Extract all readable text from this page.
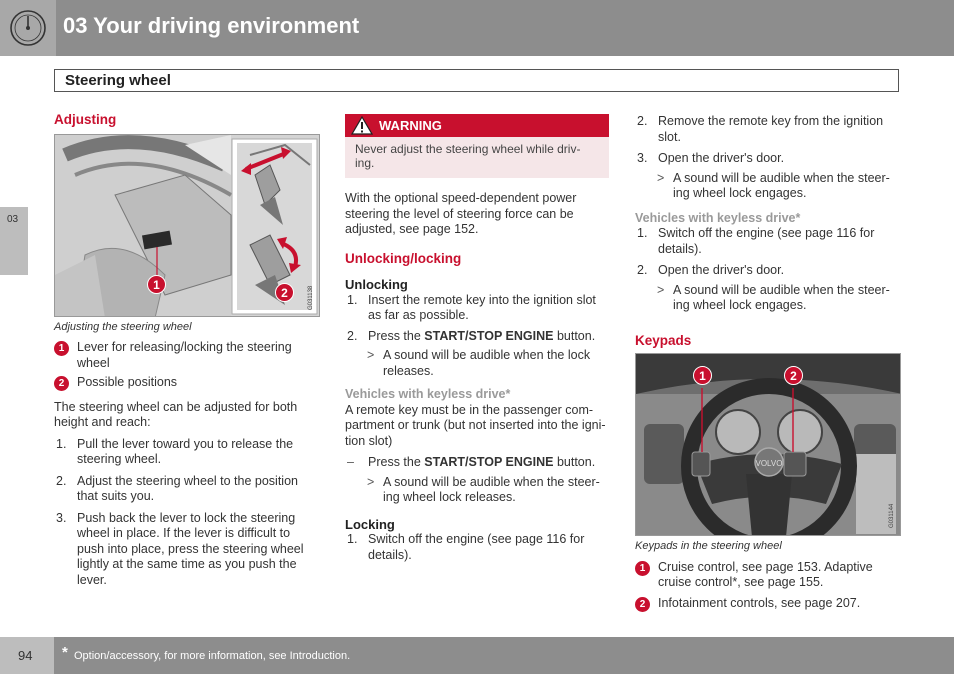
03 Your driving environment
Steering wheel
03
Adjusting
1
2	G031138
Adjusting the steering wheel
1	Lever for releasing/locking the steering wheel
2	Possible positions

The steering wheel can be adjusted for both height and reach:

1. Pull the lever toward you to release the steering wheel.
2. Adjust the steering wheel to the position that suits you.
3. Push back the lever to lock the steering wheel in place. If the lever is difficult to push into place, press the steering wheel lightly at the same time as you push the lever.
WARNING
Never adjust the steering wheel while driv-ing.

With the optional speed-dependent power steering the level of steering force can be adjusted, see page 152.

Unlocking/locking
Unlocking
1. Insert the remote key into the ignition slot as far as possible.
2. Press the START/STOP ENGINE button.
> A sound will be audible when the lock releases.
Vehicles with keyless drive*

A remote key must be in the passenger com-partment or trunk (but not inserted into the igni-tion slot)

– Press the START/STOP ENGINE button.
> A sound will be audible when the steer-ing wheel lock releases.
Locking
1. Switch off the engine (see page 116 for details).
2. Remove the remote key from the ignition slot.
3. Open the driver's door.
> A sound will be audible when the steer-ing wheel lock engages.
Vehicles with keyless drive*
1. Switch off the engine (see page 116 for details).
2. Open the driver's door.
> A sound will be audible when the steer-ing wheel lock engages.
Keypads
VOLVO
1	2
G031144
Keypads in the steering wheel
1	Cruise control, see page 153. Adaptive cruise control*, see page 155.
2	Infotainment controls, see page 207.
94 * Option/accessory, for more information, see Introduction.
